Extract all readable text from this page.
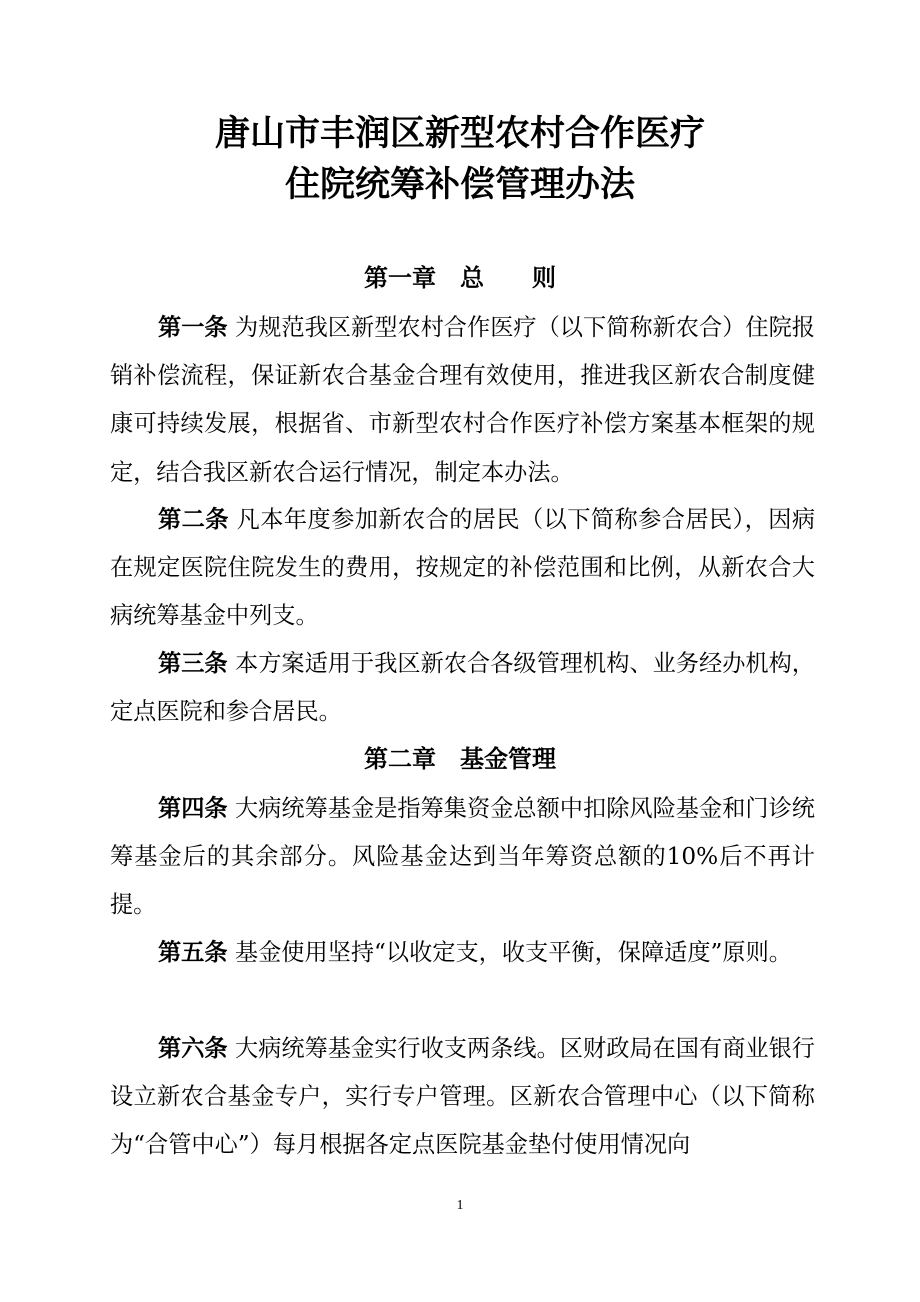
唐山市丰润区新型农村合作医疗
住院统筹补偿管理办法
第一章　总　　则

第一条 为规范我区新型农村合作医疗（以下简称新农合）住院报销补偿流程，保证新农合基金合理有效使用，推进我区新农合制度健康可持续发展，根据省、市新型农村合作医疗补偿方案基本框架的规定，结合我区新农合运行情况，制定本办法。

第二条 凡本年度参加新农合的居民（以下简称参合居民），因病在规定医院住院发生的费用，按规定的补偿范围和比例，从新农合大病统筹基金中列支。

第三条 本方案适用于我区新农合各级管理机构、业务经办机构，定点医院和参合居民。

第二章　基金管理

第四条 大病统筹基金是指筹集资金总额中扣除风险基金和门诊统筹基金后的其余部分。风险基金达到当年筹资总额的10%后不再计提。

第五条 基金使用坚持“以收定支，收支平衡，保障适度”原则。

第六条 大病统筹基金实行收支两条线。区财政局在国有商业银行设立新农合基金专户，实行专户管理。区新农合管理中心（以下简称为“合管中心”）每月根据各定点医院基金垫付使用情况向

1
